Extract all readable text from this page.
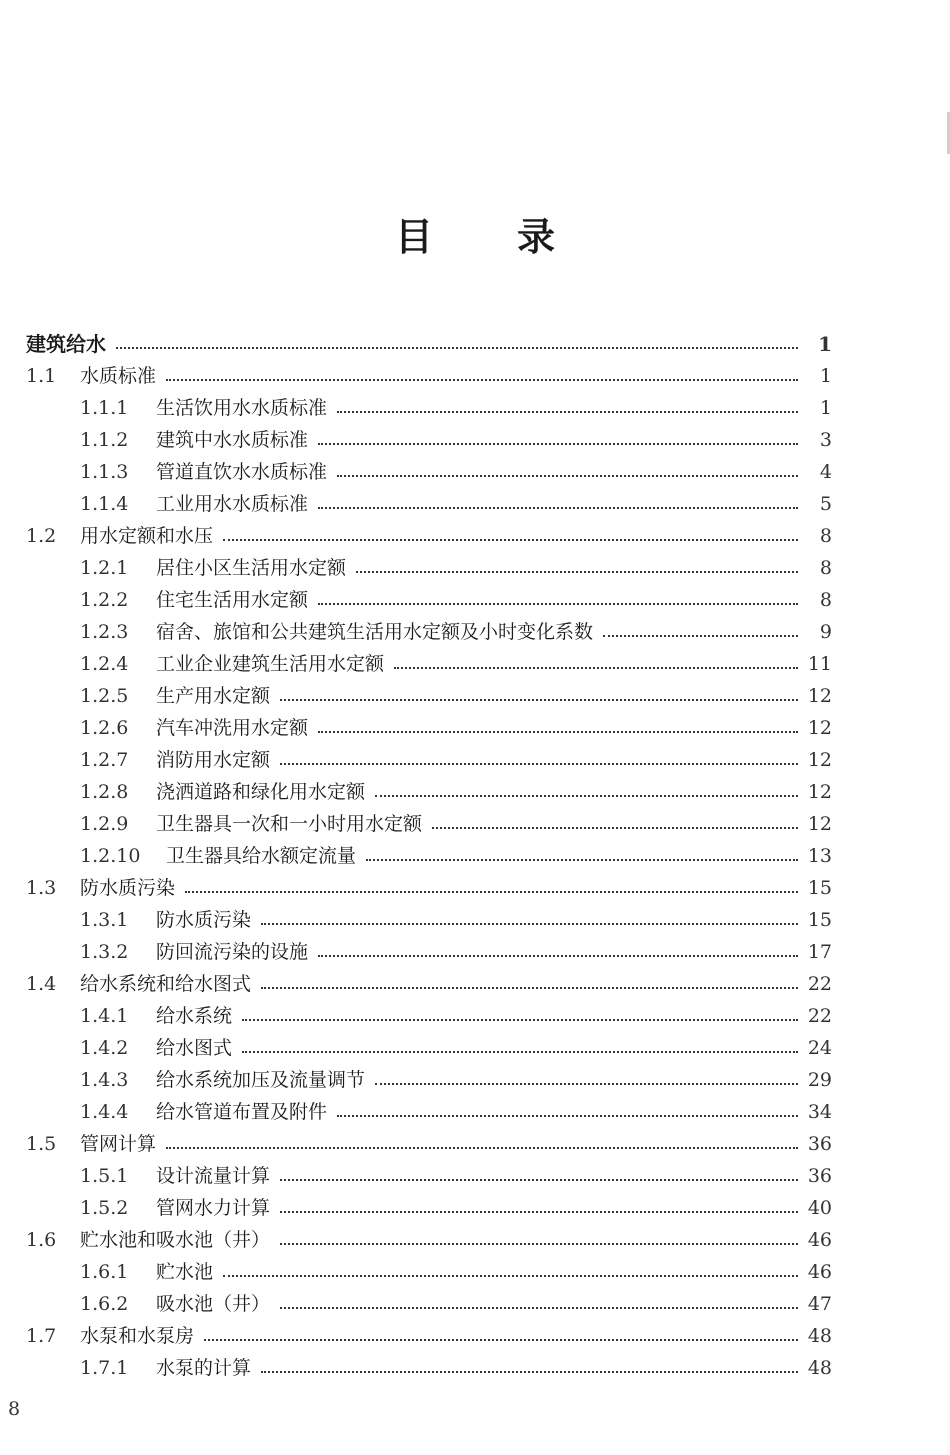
目 录
建筑给水	1
1.1	水质标准	1
1.1.1	生活饮用水水质标准	1
1.1.2	建筑中水水质标准	3
1.1.3	管道直饮水水质标准	4
1.1.4	工业用水水质标准	5
1.2	用水定额和水压	8
1.2.1	居住小区生活用水定额	8
1.2.2	住宅生活用水定额	8
1.2.3	宿舍、旅馆和公共建筑生活用水定额及小时变化系数	9
1.2.4	工业企业建筑生活用水定额	11
1.2.5	生产用水定额	12
1.2.6	汽车冲洗用水定额	12
1.2.7	消防用水定额	12
1.2.8	浇洒道路和绿化用水定额	12
1.2.9	卫生器具一次和一小时用水定额	12
1.2.10	卫生器具给水额定流量	13
1.3	防水质污染	15
1.3.1	防水质污染	15
1.3.2	防回流污染的设施	17
1.4	给水系统和给水图式	22
1.4.1	给水系统	22
1.4.2	给水图式	24
1.4.3	给水系统加压及流量调节	29
1.4.4	给水管道布置及附件	34
1.5	管网计算	36
1.5.1	设计流量计算	36
1.5.2	管网水力计算	40
1.6	贮水池和吸水池（井）	46
1.6.1	贮水池	46
1.6.2	吸水池（井）	47
1.7	水泵和水泵房	48
1.7.1	水泵的计算	48
8
